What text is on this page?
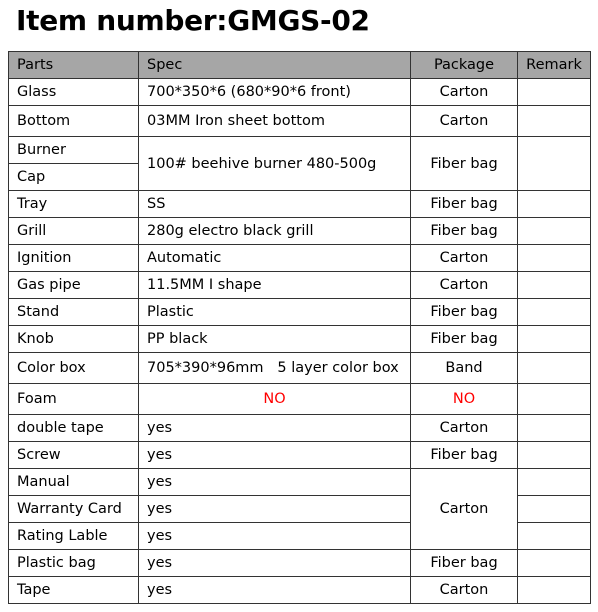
Item number:GMGS-02
Parts	Spec	Package	Remark
Glass	700*350*6 (680*90*6 front)	Carton	
Bottom	03MM Iron sheet bottom	Carton	
Burner	100# beehive burner 480-500g	Fiber bag	
Cap			
Tray	SS	Fiber bag	
Grill	280g electro black grill	Fiber bag	
Ignition	Automatic	Carton	
Gas pipe	11.5MM I shape	Carton	
Stand	Plastic	Fiber bag	
Knob	PP black	Fiber bag	
Color box	705*390*96mm   5 layer color box	Band	
Foam	NO	NO	
double tape	yes	Carton	
Screw	yes	Fiber bag	
Manual	yes	Carton	
Warranty Card	yes		
Rating Lable	yes		
Plastic bag	yes	Fiber bag	
Tape	yes	Carton	
